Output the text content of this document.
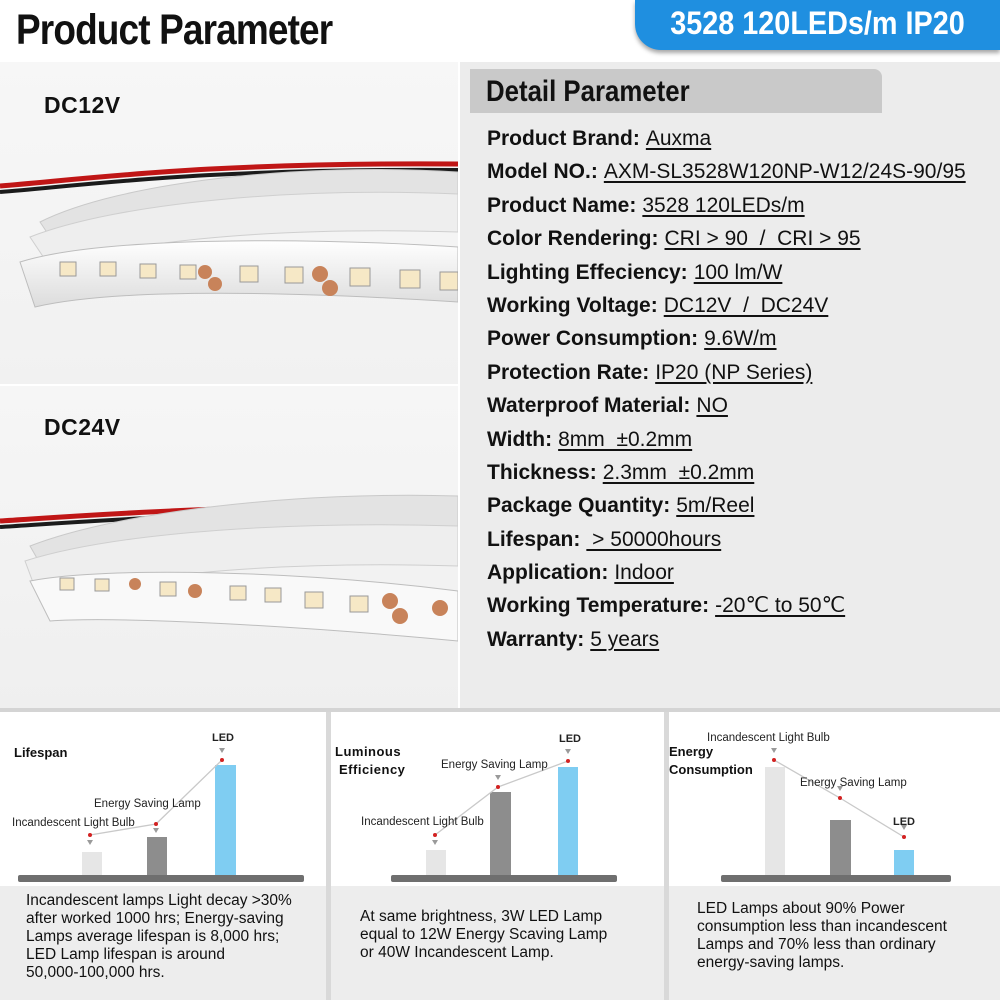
Product Parameter	3528 120LEDs/m IP20
DC12V
DC24V
Detail Parameter
Product Brand: Auxma
Model NO.: AXM-SL3528W120NP-W12/24S-90/95
Product Name: 3528 120LEDs/m
Color Rendering: CRI > 90  /  CRI > 95
Lighting Effeciency: 100 lm/W
Working Voltage: DC12V  /  DC24V
Power Consumption: 9.6W/m
Protection Rate: IP20 (NP Series)
Waterproof Material: NO
Width: 8mm  ±0.2mm
Thickness: 2.3mm  ±0.2mm
Package Quantity: 5m/Reel
Lifespan: > 50000hours
Application: Indoor
Working Temperature: -20℃ to 50℃
Warranty: 5 years
Lifespan
Incandescent Light Bulb
Energy Saving Lamp
LED
Incandescent lamps Light decay >30%
after worked 1000 hrs; Energy-saving
Lamps average lifespan is 8,000 hrs;
LED Lamp lifespan is around
50,000-100,000 hrs.
Luminous
Efficiency
Incandescent Light Bulb
Energy Saving Lamp
LED
At same brightness, 3W LED Lamp
equal to 12W Energy Scaving Lamp
or 40W Incandescent Lamp.
Energy
Consumption
Incandescent Light Bulb
Energy Saving Lamp
LED
LED Lamps about 90% Power
consumption less than incandescent
Lamps and 70% less than ordinary
energy-saving lamps.
